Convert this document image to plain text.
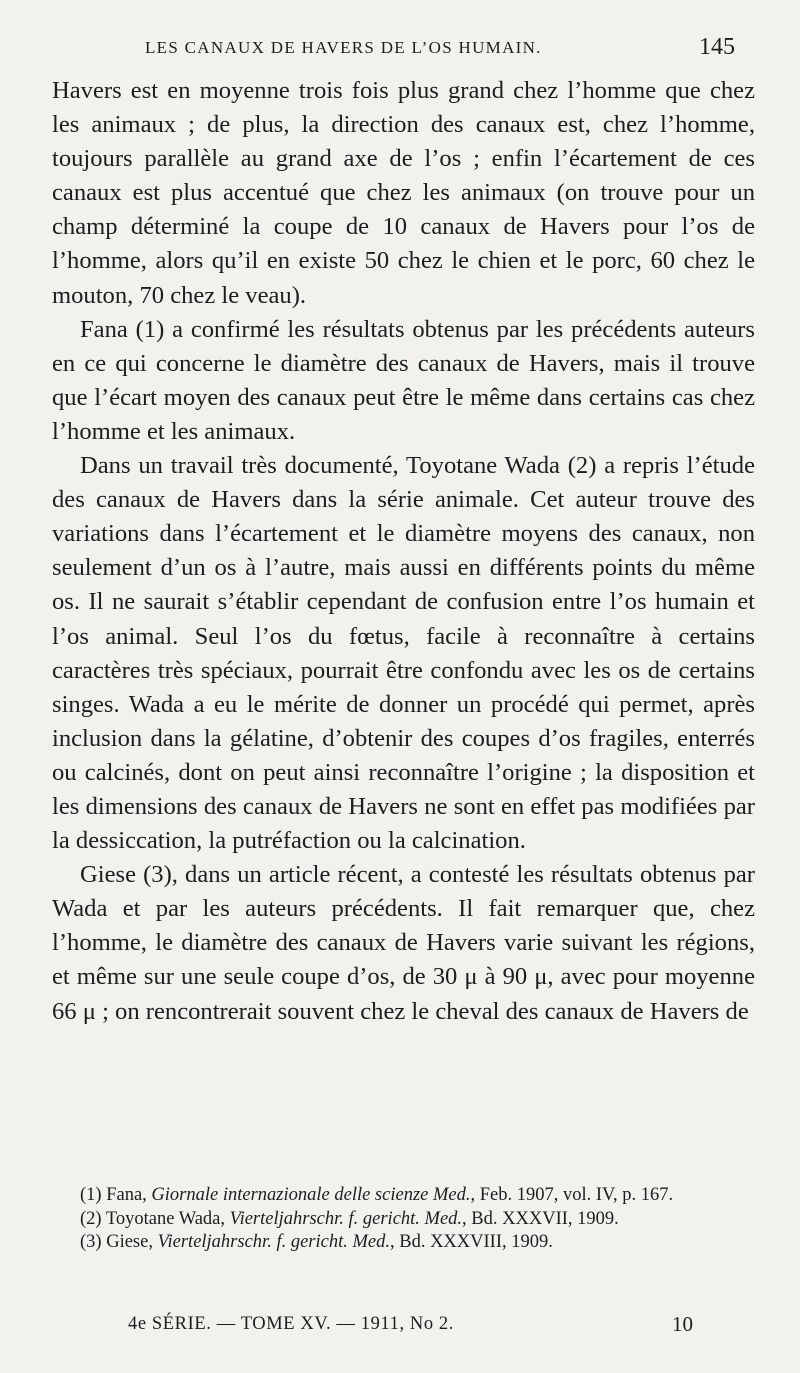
LES CANAUX DE HAVERS DE L’OS HUMAIN.	145

Havers est en moyenne trois fois plus grand chez l’homme que chez les animaux ; de plus, la direction des canaux est, chez l’homme, toujours parallèle au grand axe de l’os ; enfin l’écartement de ces canaux est plus accentué que chez les animaux (on trouve pour un champ déterminé la coupe de 10 canaux de Havers pour l’os de l’homme, alors qu’il en existe 50 chez le chien et le porc, 60 chez le mouton, 70 chez le veau).

Fana (1) a confirmé les résultats obtenus par les précédents auteurs en ce qui concerne le diamètre des canaux de Havers, mais il trouve que l’écart moyen des canaux peut être le même dans certains cas chez l’homme et les animaux.

Dans un travail très documenté, Toyotane Wada (2) a repris l’étude des canaux de Havers dans la série animale. Cet auteur trouve des variations dans l’écartement et le diamètre moyens des canaux, non seulement d’un os à l’autre, mais aussi en différents points du même os. Il ne saurait s’établir cependant de confusion entre l’os humain et l’os animal. Seul l’os du fœtus, facile à reconnaître à certains caractères très spéciaux, pourrait être confondu avec les os de certains singes. Wada a eu le mérite de donner un procédé qui permet, après inclusion dans la gélatine, d’obtenir des coupes d’os fragiles, enterrés ou calcinés, dont on peut ainsi reconnaître l’origine ; la disposition et les dimensions des canaux de Havers ne sont en effet pas modifiées par la dessiccation, la putréfaction ou la calcination.

Giese (3), dans un article récent, a contesté les résultats obtenus par Wada et par les auteurs précédents. Il fait remarquer que, chez l’homme, le diamètre des canaux de Havers varie suivant les régions, et même sur une seule coupe d’os, de 30 μ à 90 μ, avec pour moyenne 66 μ ; on rencontrerait souvent chez le cheval des canaux de Havers de

(1) Fana, Giornale internazionale delle scienze Med., Feb. 1907, vol. IV, p. 167.

(2) Toyotane Wada, Vierteljahrschr. f. gericht. Med., Bd. XXXVII, 1909.

(3) Giese, Vierteljahrschr. f. gericht. Med., Bd. XXXVIII, 1909.

4e SÉRIE. — TOME XV. — 1911, No 2.	10
